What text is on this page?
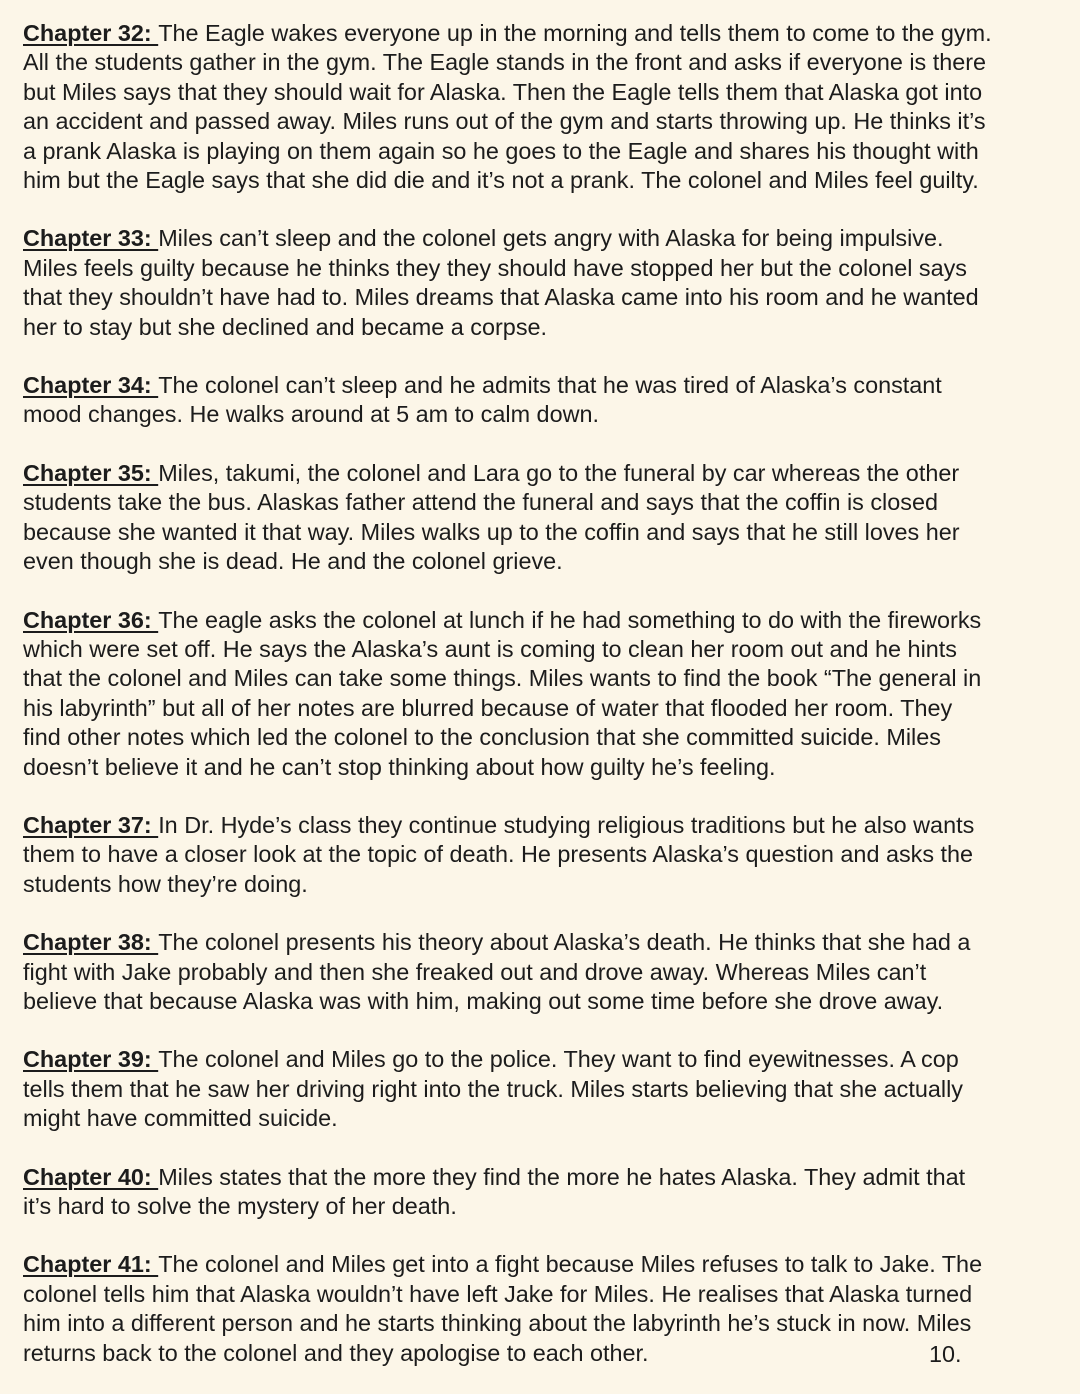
Chapter 32: The Eagle wakes everyone up in the morning and tells them to come to the gym.
All the students gather in the gym. The Eagle stands in the front and asks if everyone is there
but Miles says that they should wait for Alaska. Then the Eagle tells them that Alaska got into
an accident and passed away. Miles runs out of the gym and starts throwing up. He thinks it’s
a prank Alaska is playing on them again so he goes to the Eagle and shares his thought with
him but the Eagle says that she did die and it’s not a prank. The colonel and Miles feel guilty.

Chapter 33: Miles can’t sleep and the colonel gets angry with Alaska for being impulsive.
Miles feels guilty because he thinks they they should have stopped her but the colonel says
that they shouldn’t have had to. Miles dreams that Alaska came into his room and he wanted
her to stay but she declined and became a corpse.

Chapter 34: The colonel can’t sleep and he admits that he was tired of Alaska’s constant
mood changes. He walks around at 5 am to calm down.

Chapter 35: Miles, takumi, the colonel and Lara go to the funeral by car whereas the other
students take the bus. Alaskas father attend the funeral and says that the coffin is closed
because she wanted it that way. Miles walks up to the coffin and says that he still loves her
even though she is dead. He and the colonel grieve.

Chapter 36: The eagle asks the colonel at lunch if he had something to do with the fireworks
which were set off. He says the Alaska’s aunt is coming to clean her room out and he hints
that the colonel and Miles can take some things. Miles wants to find the book “The general in
his labyrinth” but all of her notes are blurred because of water that flooded her room. They
find other notes which led the colonel to the conclusion that she committed suicide. Miles
doesn’t believe it and he can’t stop thinking about how guilty he’s feeling.

Chapter 37: In Dr. Hyde’s class they continue studying religious traditions but he also wants
them to have a closer look at the topic of death. He presents Alaska’s question and asks the
students how they’re doing.

Chapter 38: The colonel presents his theory about Alaska’s death. He thinks that she had a
fight with Jake probably and then she freaked out and drove away. Whereas Miles can’t
believe that because Alaska was with him, making out some time before she drove away.

Chapter 39: The colonel and Miles go to the police. They want to find eyewitnesses. A cop
tells them that he saw her driving right into the truck. Miles starts believing that she actually
might have committed suicide.

Chapter 40: Miles states that the more they find the more he hates Alaska. They admit that
it’s hard to solve the mystery of her death.

Chapter 41: The colonel and Miles get into a fight because Miles refuses to talk to Jake. The
colonel tells him that Alaska wouldn’t have left Jake for Miles. He realises that Alaska turned
him into a different person and he starts thinking about the labyrinth he’s stuck in now. Miles
returns back to the colonel and they apologise to each other.	10.
